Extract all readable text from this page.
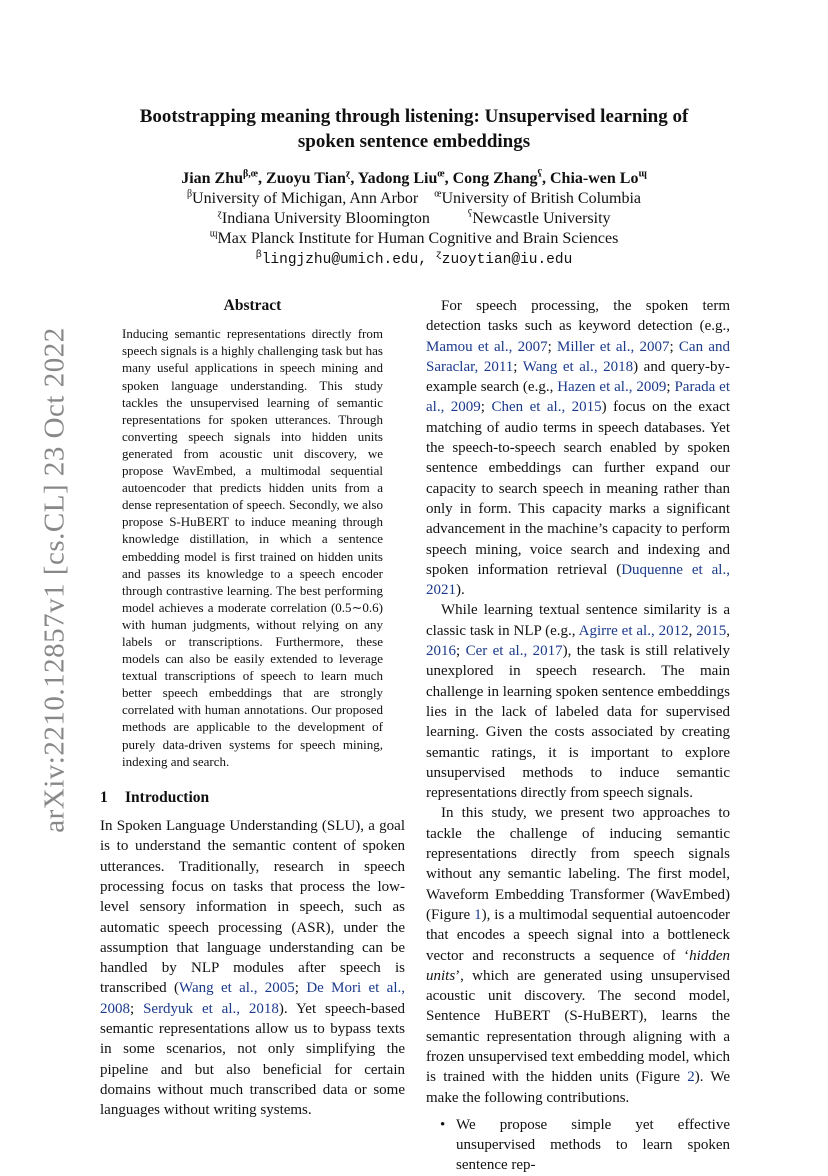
arXiv:2210.12857v1 [cs.CL] 23 Oct 2022
Bootstrapping meaning through listening: Unsupervised learning of
spoken sentence embeddings
Jian Zhu$^{\beta,œ}$, Zuoyu Tian$^ɀ$, Yadong Liu$^œ$, Cong Zhang$^ʕ$, Chia-wen $Lo^ɰ$
$^\beta$University of Michigan, Ann Arbor $^œ$University of British Columbia
$^ɀ$Indiana University Bloomington	$^ʕ$Newcastle University
$^ɰ$Max Planck Institute for Human Cognitive and Brain Sciences
$^\beta$lingjzhu@umich.edu, $^ɀ$zuoytian@iu.edu
Abstract
Inducing semantic representations directly from speech signals is a highly challenging task but has many useful applications in speech mining and spoken language understanding. This study tackles the unsupervised learning of semantic representations for spoken utterances. Through converting speech signals into hidden units generated from acoustic unit discovery, we propose WavEmbed, a multimodal sequential autoencoder that predicts hidden units from a dense representation of speech. Secondly, we also propose S-HuBERT to induce meaning through knowledge distillation, in which a sentence embedding model is first trained on hidden units and passes its knowledge to a speech encoder through contrastive learning. The best performing model achieves a moderate correlation (0.5∼0.6) with human judgments, without relying on any labels or transcriptions. Furthermore, these models can also be easily extended to leverage textual transcriptions of speech to learn much better speech embeddings that are strongly correlated with human annotations. Our proposed methods are applicable to the development of purely data-driven systems for speech mining, indexing and search.
1 Introduction

In Spoken Language Understanding (SLU), a goal is to understand the semantic content of spoken utterances. Traditionally, research in speech processing focus on tasks that process the low-level sensory information in speech, such as automatic speech processing (ASR), under the assumption that language understanding can be handled by NLP modules after speech is transcribed (Wang et al., 2005; De Mori et al., 2008; Serdyuk et al., 2018). Yet speech-based semantic representations allow us to bypass texts in some scenarios, not only simplifying the pipeline and but also beneficial for certain domains without much transcribed data or some languages without writing systems.

For speech processing, the spoken term detection tasks such as keyword detection (e.g., Mamou et al., 2007; Miller et al., 2007; Can and Saraclar, 2011; Wang et al., 2018) and query-by-example search (e.g., Hazen et al., 2009; Parada et al., 2009; Chen et al., 2015) focus on the exact matching of audio terms in speech databases. Yet the speech-to-speech search enabled by spoken sentence embeddings can further expand our capacity to search speech in meaning rather than only in form. This capacity marks a significant advancement in the machine’s capacity to perform speech mining, voice search and indexing and spoken information retrieval (Duquenne et al., 2021).

While learning textual sentence similarity is a classic task in NLP (e.g., Agirre et al., 2012, 2015, 2016; Cer et al., 2017), the task is still relatively unexplored in speech research. The main challenge in learning spoken sentence embeddings lies in the lack of labeled data for supervised learning. Given the costs associated by creating semantic ratings, it is important to explore unsupervised methods to induce semantic representations directly from speech signals.

In this study, we present two approaches to tackle the challenge of inducing semantic representations directly from speech signals without any semantic labeling. The first model, Waveform Embedding Transformer (WavEmbed) (Figure 1), is a multimodal sequential autoencoder that encodes a speech signal into a bottleneck vector and reconstructs a sequence of ‘hidden units’, which are generated using unsupervised acoustic unit discovery. The second model, Sentence HuBERT (S-HuBERT), learns the semantic representation through aligning with a frozen unsupervised text embedding model, which is trained with the hidden units (Figure 2). We make the following contributions.

• We propose simple yet effective unsupervised methods to learn spoken sentence rep-
